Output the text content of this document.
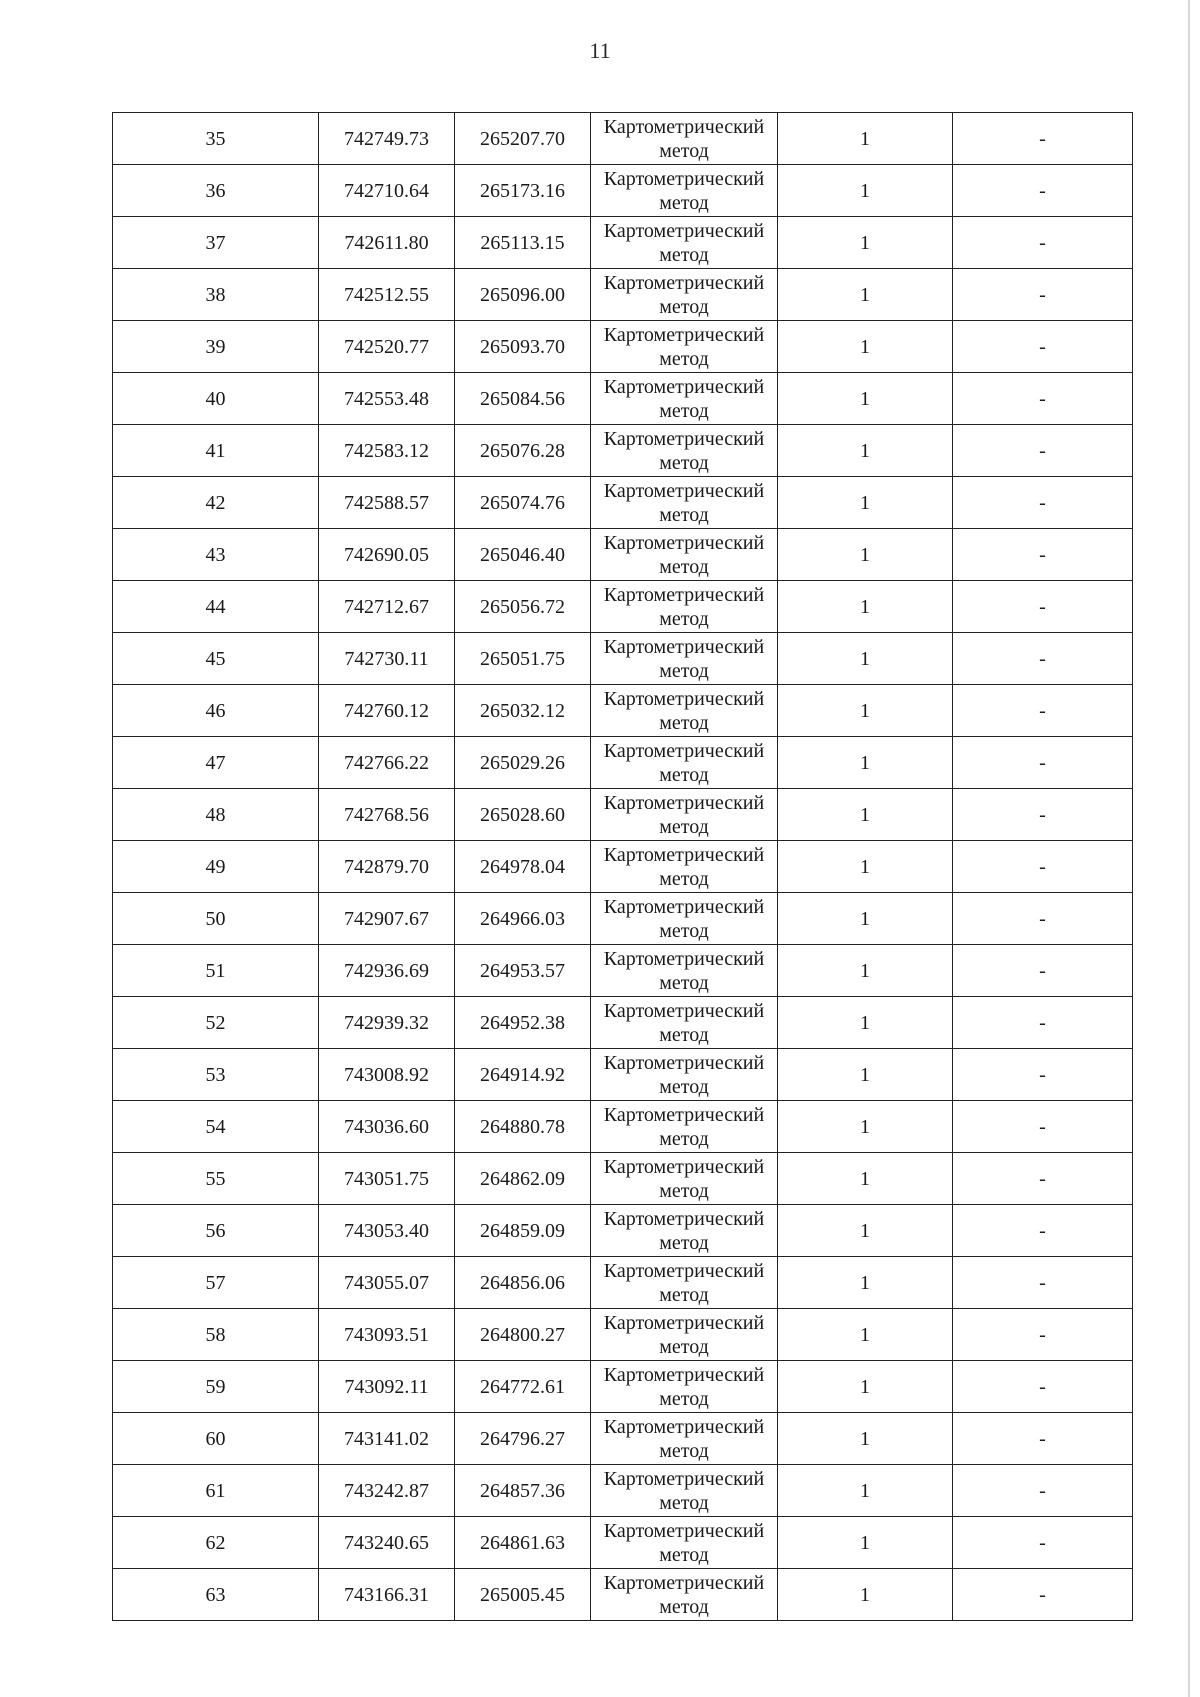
11
35	742749.73	265207.70	Картометрический
метод	1	-
36	742710.64	265173.16	Картометрический
метод	1	-
37	742611.80	265113.15	Картометрический
метод	1	-
38	742512.55	265096.00	Картометрический
метод	1	-
39	742520.77	265093.70	Картометрический
метод	1	-
40	742553.48	265084.56	Картометрический
метод	1	-
41	742583.12	265076.28	Картометрический
метод	1	-
42	742588.57	265074.76	Картометрический
метод	1	-
43	742690.05	265046.40	Картометрический
метод	1	-
44	742712.67	265056.72	Картометрический
метод	1	-
45	742730.11	265051.75	Картометрический
метод	1	-
46	742760.12	265032.12	Картометрический
метод	1	-
47	742766.22	265029.26	Картометрический
метод	1	-
48	742768.56	265028.60	Картометрический
метод	1	-
49	742879.70	264978.04	Картометрический
метод	1	-
50	742907.67	264966.03	Картометрический
метод	1	-
51	742936.69	264953.57	Картометрический
метод	1	-
52	742939.32	264952.38	Картометрический
метод	1	-
53	743008.92	264914.92	Картометрический
метод	1	-
54	743036.60	264880.78	Картометрический
метод	1	-
55	743051.75	264862.09	Картометрический
метод	1	-
56	743053.40	264859.09	Картометрический
метод	1	-
57	743055.07	264856.06	Картометрический
метод	1	-
58	743093.51	264800.27	Картометрический
метод	1	-
59	743092.11	264772.61	Картометрический
метод	1	-
60	743141.02	264796.27	Картометрический
метод	1	-
61	743242.87	264857.36	Картометрический
метод	1	-
62	743240.65	264861.63	Картометрический
метод	1	-
63	743166.31	265005.45	Картометрический
метод	1	-
